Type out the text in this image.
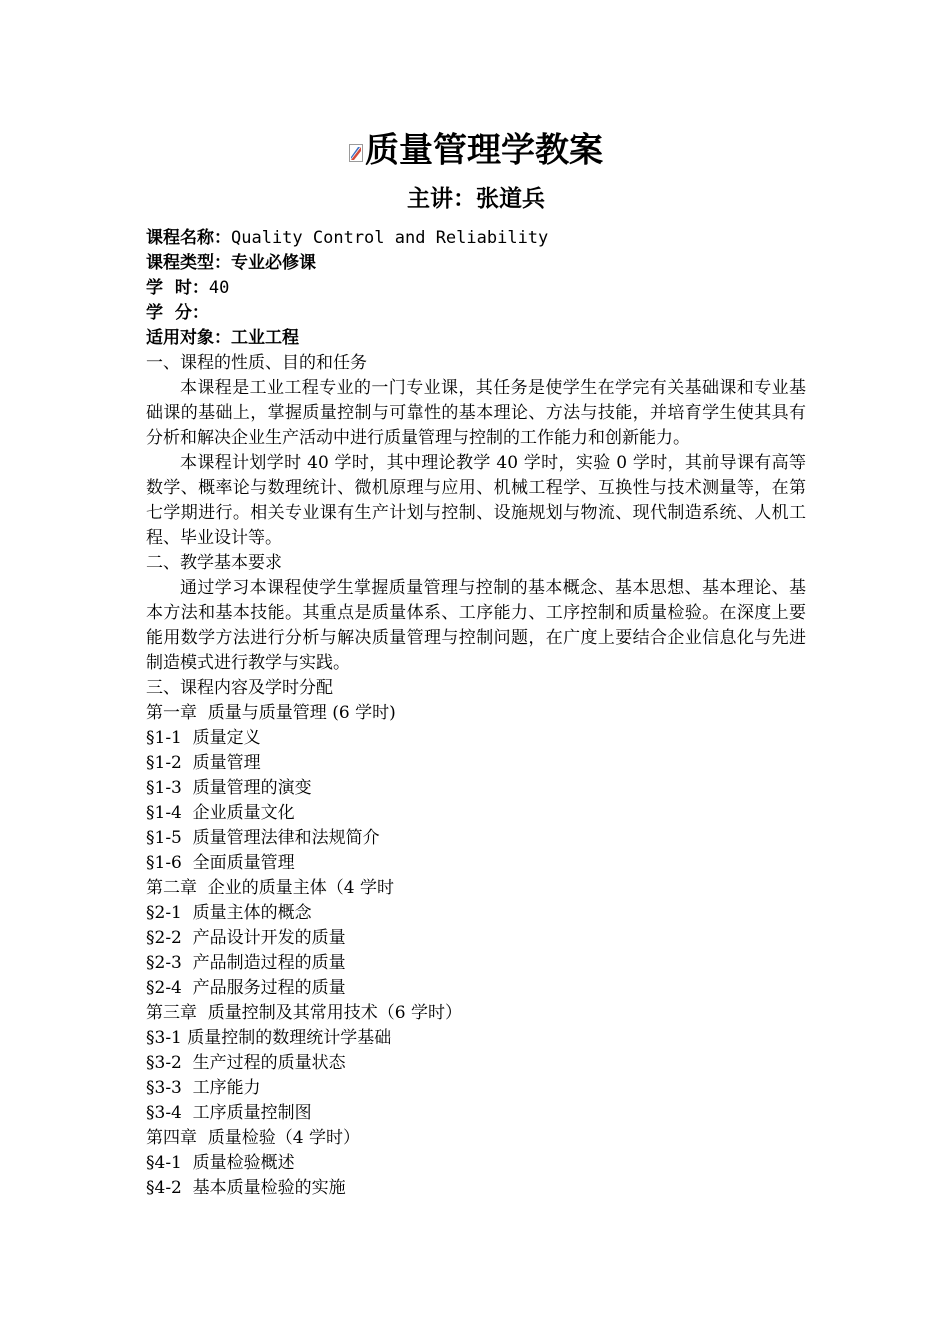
质量管理学教案
主讲：张道兵
课程名称：Quality Control and Reliability
课程类型：专业必修课
学  时：40
学  分：
适用对象：工业工程
一、课程的性质、目的和任务
本课程是工业工程专业的一门专业课，其任务是使学生在学完有关基础课和专业基础课的基础上，掌握质量控制与可靠性的基本理论、方法与技能，并培育学生使其具有分析和解决企业生产活动中进行质量管理与控制的工作能力和创新能力。
本课程计划学时 40 学时，其中理论教学 40 学时，实验 0 学时，其前导课有高等数学、概率论与数理统计、微机原理与应用、机械工程学、互换性与技术测量等，在第七学期进行。相关专业课有生产计划与控制、设施规划与物流、现代制造系统、人机工程、毕业设计等。
二、教学基本要求
通过学习本课程使学生掌握质量管理与控制的基本概念、基本思想、基本理论、基本方法和基本技能。其重点是质量体系、工序能力、工序控制和质量检验。在深度上要能用数学方法进行分析与解决质量管理与控制问题，在广度上要结合企业信息化与先进制造模式进行教学与实践。
三、课程内容及学时分配
第一章  质量与质量管理 (6 学时)
§1-1  质量定义
§1-2  质量管理
§1-3  质量管理的演变
§1-4  企业质量文化
§1-5  质量管理法律和法规简介
§1-6  全面质量管理
第二章  企业的质量主体（4 学时
§2-1  质量主体的概念
§2-2  产品设计开发的质量
§2-3  产品制造过程的质量
§2-4  产品服务过程的质量
第三章  质量控制及其常用技术（6 学时）
§3-1 质量控制的数理统计学基础
§3-2  生产过程的质量状态
§3-3  工序能力
§3-4  工序质量控制图
第四章  质量检验（4 学时）
§4-1  质量检验概述
§4-2  基本质量检验的实施
